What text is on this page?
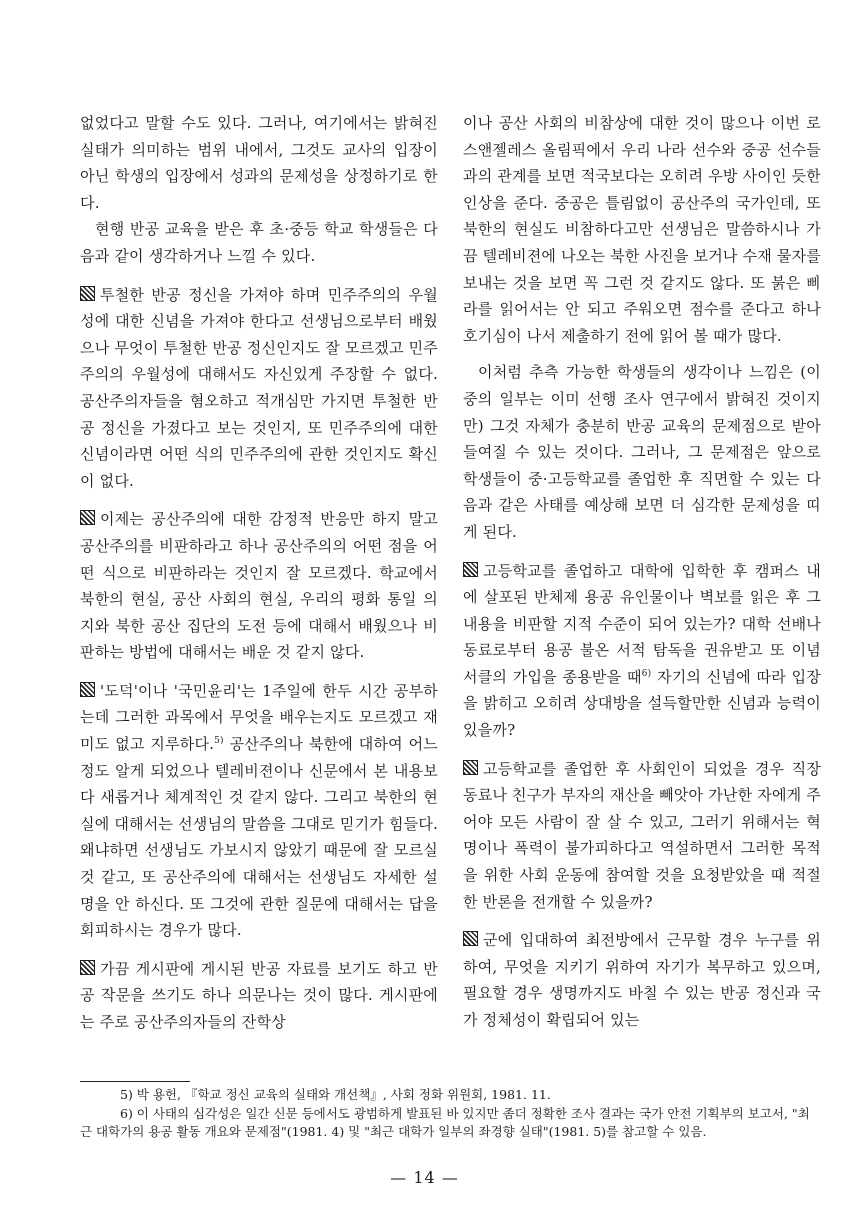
없었다고 말할 수도 있다. 그러나, 여기에서는 밝혀진 실태가 의미하는 범위 내에서, 그것도 교사의 입장이 아닌 학생의 입장에서 성과의 문제성을 상정하기로 한다.

현행 반공 교육을 받은 후 초·중등 학교 학생들은 다음과 같이 생각하거나 느낄 수 있다.

투철한 반공 정신을 가져야 하며 민주주의의 우월성에 대한 신념을 가져야 한다고 선생님으로부터 배웠으나 무엇이 투철한 반공 정신인지도 잘 모르겠고 민주주의의 우월성에 대해서도 자신있게 주장할 수 없다. 공산주의자들을 혐오하고 적개심만 가지면 투철한 반공 정신을 가졌다고 보는 것인지, 또 민주주의에 대한 신념이라면 어떤 식의 민주주의에 관한 것인지도 확신이 없다.

이제는 공산주의에 대한 감정적 반응만 하지 말고 공산주의를 비판하라고 하나 공산주의의 어떤 점을 어떤 식으로 비판하라는 것인지 잘 모르겠다. 학교에서 북한의 현실, 공산 사회의 현실, 우리의 평화 통일 의지와 북한 공산 집단의 도전 등에 대해서 배웠으나 비판하는 방법에 대해서는 배운 것 같지 않다.

'도덕'이나 '국민윤리'는 1주일에 한두 시간 공부하는데 그러한 과목에서 무엇을 배우는지도 모르겠고 재미도 없고 지루하다.$^{5)}$ 공산주의나 북한에 대하여 어느 정도 알게 되었으나 텔레비젼이나 신문에서 본 내용보다 새롭거나 체계적인 것 같지 않다. 그리고 북한의 현실에 대해서는 선생님의 말씀을 그대로 믿기가 힘들다. 왜냐하면 선생님도 가보시지 않았기 때문에 잘 모르실 것 같고, 또 공산주의에 대해서는 선생님도 자세한 설명을 안 하신다. 또 그것에 관한 질문에 대해서는 답을 회피하시는 경우가 많다.

가끔 게시판에 게시된 반공 자료를 보기도 하고 반공 작문을 쓰기도 하나 의문나는 것이 많다. 게시판에는 주로 공산주의자들의 잔학상

이나 공산 사회의 비참상에 대한 것이 많으나 이번 로스앤젤레스 올림픽에서 우리 나라 선수와 중공 선수들과의 관계를 보면 적국보다는 오히려 우방 사이인 듯한 인상을 준다. 중공은 틀림없이 공산주의 국가인데, 또 북한의 현실도 비참하다고만 선생님은 말씀하시나 가끔 텔레비젼에 나오는 북한 사진을 보거나 수재 물자를 보내는 것을 보면 꼭 그런 것 같지도 않다. 또 붉은 삐라를 읽어서는 안 되고 주워오면 점수를 준다고 하나 호기심이 나서 제출하기 전에 읽어 볼 때가 많다.

이처럼 추측 가능한 학생들의 생각이나 느낌은 (이 중의 일부는 이미 선행 조사 연구에서 밝혀진 것이지만) 그것 자체가 충분히 반공 교육의 문제점으로 받아들여질 수 있는 것이다. 그러나, 그 문제점은 앞으로 학생들이 중·고등학교를 졸업한 후 직면할 수 있는 다음과 같은 사태를 예상해 보면 더 심각한 문제성을 띠게 된다.

고등학교를 졸업하고 대학에 입학한 후 캠퍼스 내에 살포된 반체제 용공 유인물이나 벽보를 읽은 후 그 내용을 비판할 지적 수준이 되어 있는가? 대학 선배나 동료로부터 용공 불온 서적 탐독을 권유받고 또 이념 서클의 가입을 종용받을 때$^{6)}$ 자기의 신념에 따라 입장을 밝히고 오히려 상대방을 설득할만한 신념과 능력이 있을까?

고등학교를 졸업한 후 사회인이 되었을 경우 직장 동료나 친구가 부자의 재산을 빼앗아 가난한 자에게 주어야 모든 사람이 잘 살 수 있고, 그러기 위해서는 혁명이나 폭력이 불가피하다고 역설하면서 그러한 목적을 위한 사회 운동에 참여할 것을 요청받았을 때 적절한 반론을 전개할 수 있을까?

군에 입대하여 최전방에서 근무할 경우 누구를 위하여, 무엇을 지키기 위하여 자기가 복무하고 있으며, 필요할 경우 생명까지도 바칠 수 있는 반공 정신과 국가 정체성이 확립되어 있는

5) 박 용헌, 『학교 정신 교육의 실태와 개선책』, 사회 정화 위원회, 1981. 11.

6) 이 사태의 심각성은 일간 신문 등에서도 광범하게 발표된 바 있지만 좀더 정확한 조사 결과는 국가 안전 기획부의 보고서, "최근 대학가의 용공 활동 개요와 문제점"(1981. 4) 및 "최근 대학가 일부의 좌경향 실태"(1981. 5)를 참고할 수 있음.

— 14 —
